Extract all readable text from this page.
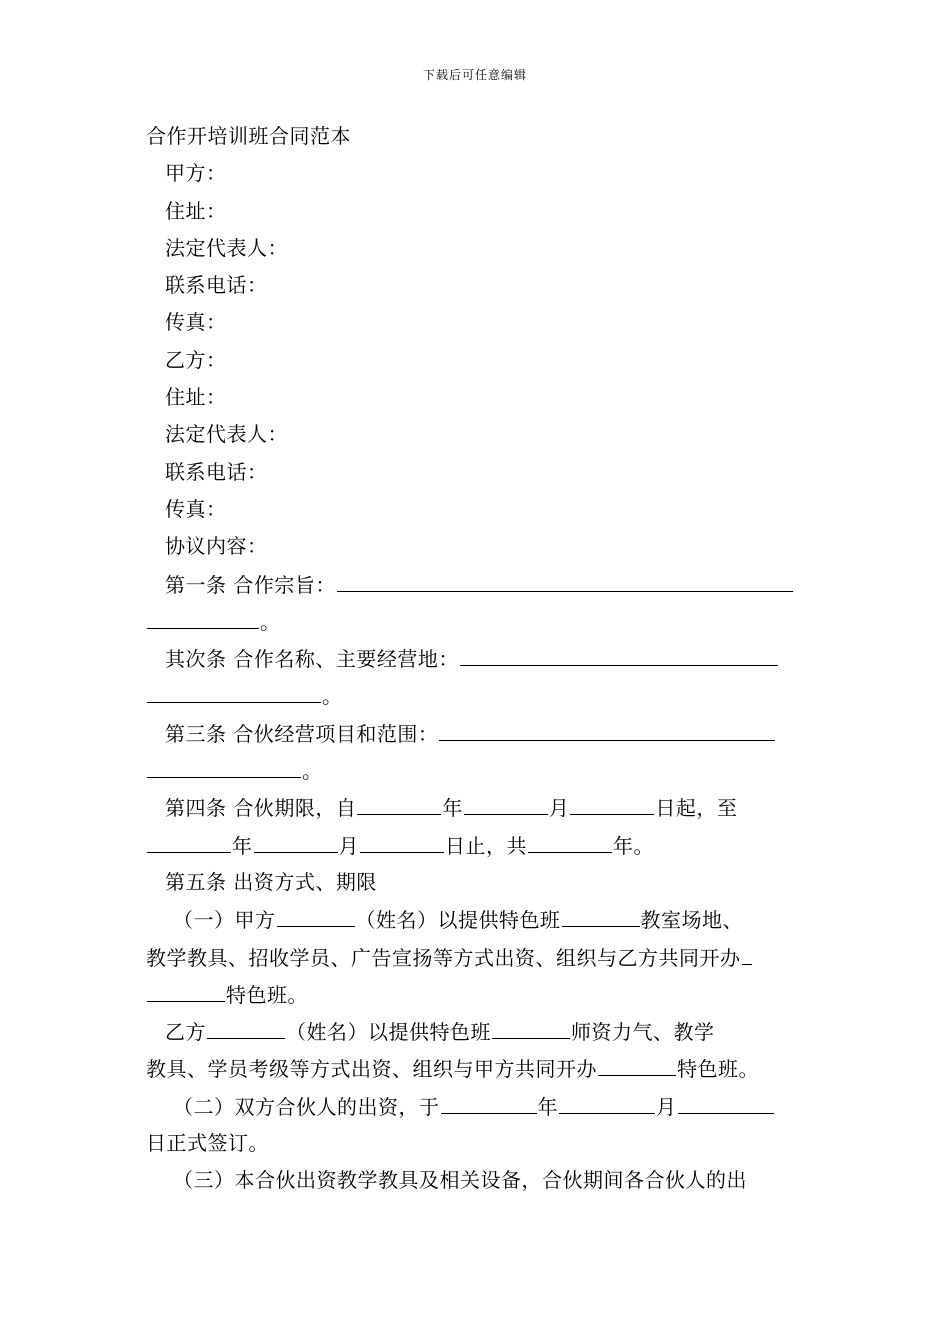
下载后可任意编辑
合作开培训班合同范本
甲方：
住址：
法定代表人：
联系电话：
传真：
乙方：
住址：
法定代表人：
联系电话：
传真：
协议内容：
第一条 合作宗旨：
。
其次条 合作名称、主要经营地：
。
第三条 合伙经营项目和范围：
。
第四条 合伙期限，自	年	月	日起，至
年	月	日止，共	年。
第五条 出资方式、期限
（一）甲方	（姓名）以提供特色班	教室场地、
教学教具、招收学员、广告宣扬等方式出资、组织与乙方共同开办
特色班。
乙方	（姓名）以提供特色班	师资力气、教学
教具、学员考级等方式出资、组织与甲方共同开办	特色班。
（二）双方合伙人的出资，于	年	月
日正式签订。
（三）本合伙出资教学教具及相关设备，合伙期间各合伙人的出
